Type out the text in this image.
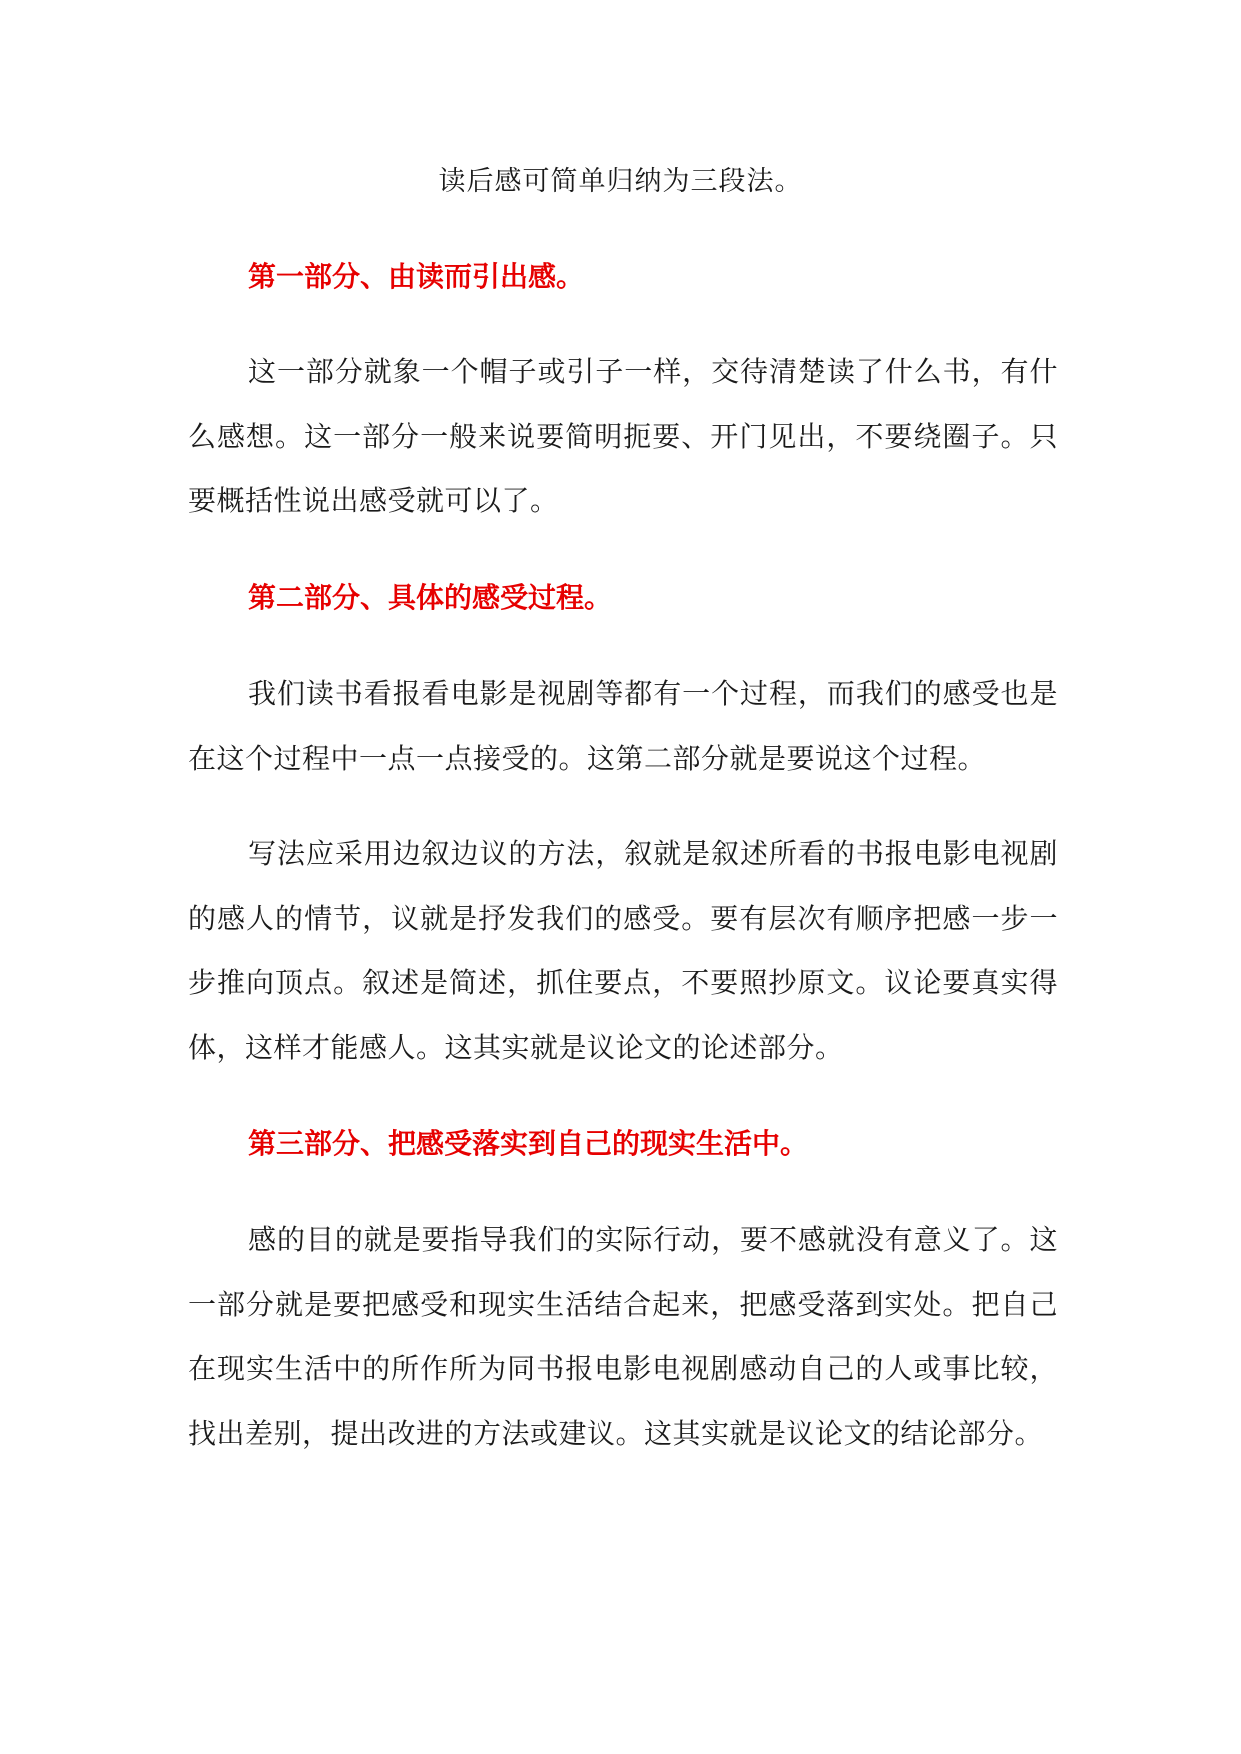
读后感可简单归纳为三段法。
第一部分、由读而引出感。
这一部分就象一个帽子或引子一样，交待清楚读了什么书，有什么感想。这一部分一般来说要简明扼要、开门见出，不要绕圈子。只要概括性说出感受就可以了。
第二部分、具体的感受过程。
我们读书看报看电影是视剧等都有一个过程，而我们的感受也是在这个过程中一点一点接受的。这第二部分就是要说这个过程。
写法应采用边叙边议的方法，叙就是叙述所看的书报电影电视剧的感人的情节，议就是抒发我们的感受。要有层次有顺序把感一步一步推向顶点。叙述是简述，抓住要点，不要照抄原文。议论要真实得体，这样才能感人。这其实就是议论文的论述部分。
第三部分、把感受落实到自己的现实生活中。
感的目的就是要指导我们的实际行动，要不感就没有意义了。这一部分就是要把感受和现实生活结合起来，把感受落到实处。把自己在现实生活中的所作所为同书报电影电视剧感动自己的人或事比较，找出差别，提出改进的方法或建议。这其实就是议论文的结论部分。
